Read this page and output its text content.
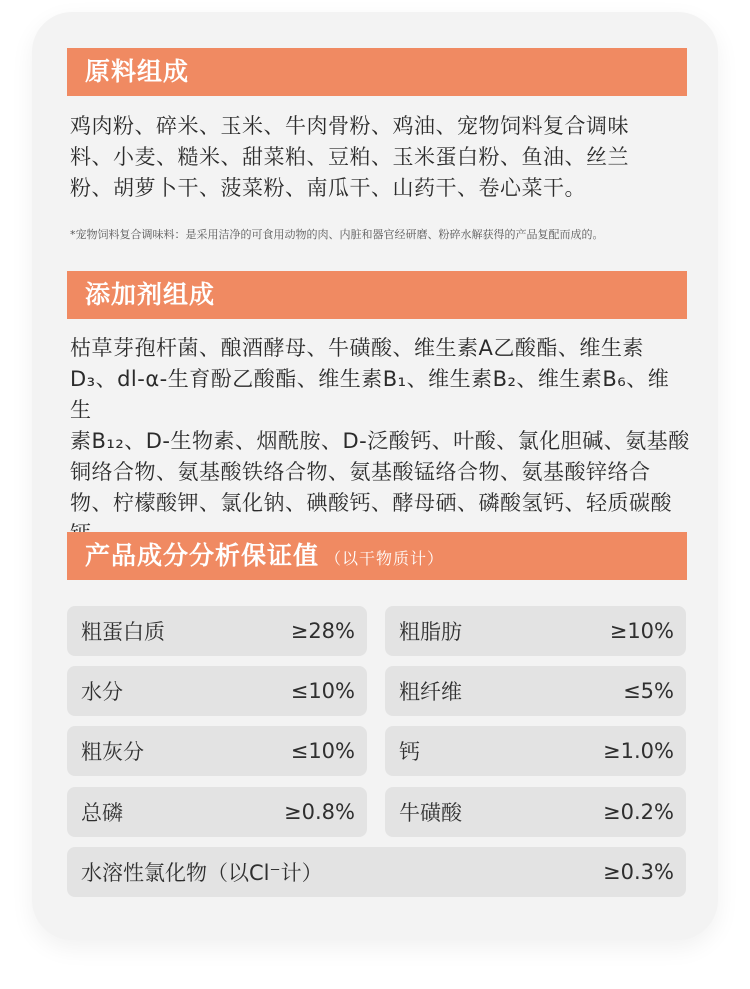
原料组成
鸡肉粉、碎米、玉米、牛肉骨粉、鸡油、宠物饲料复合调味
料、小麦、糙米、甜菜粕、豆粕、玉米蛋白粉、鱼油、丝兰
粉、胡萝卜干、菠菜粉、南瓜干、山药干、卷心菜干。
*宠物饲料复合调味料：是采用洁净的可食用动物的肉、内脏和器官经研磨、粉碎水解获得的产品复配而成的。
添加剂组成
枯草芽孢杆菌、酿酒酵母、牛磺酸、维生素A乙酸酯、维生素
D₃、dl-α-生育酚乙酸酯、维生素B₁、维生素B₂、维生素B₆、维生
素B₁₂、D-生物素、烟酰胺、D-泛酸钙、叶酸、氯化胆碱、氨基酸
铜络合物、氨基酸铁络合物、氨基酸锰络合物、氨基酸锌络合
物、柠檬酸钾、氯化钠、碘酸钙、酵母硒、磷酸氢钙、轻质碳酸
产品成分分析保证值 （以干物质计）
粗蛋白质	≥28% 粗脂肪	≥10%
水分	≤10% 粗纤维	≤5%
粗灰分	≤10% 钙	≥1.0%
总磷	≥0.8% 牛磺酸	≥0.2%
水溶性氯化物（以Cl⁻计）	≥0.3%
